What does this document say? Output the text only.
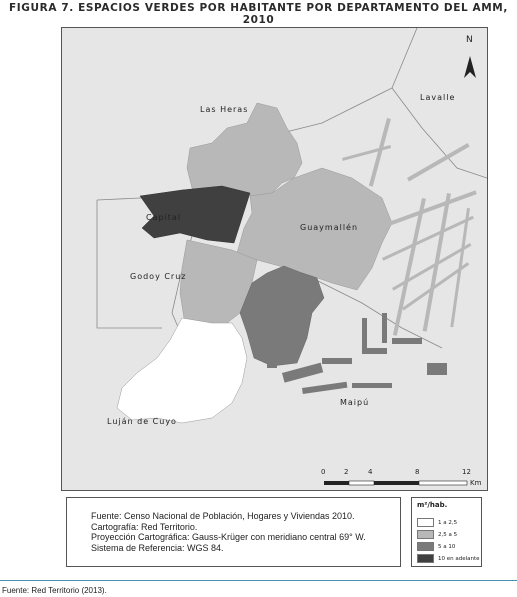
FIGURA 7. ESPACIOS VERDES POR HABITANTE POR DEPARTAMENTO DEL AMM, 2010
N
Las Heras
Lavalle
Capital
Guaymallén
Godoy Cruz
Maipú
Luján de Cuyo
0	2	4	8	12
Km
Fuente: Censo Nacional de Población, Hogares y Viviendas 2010.
Cartografía: Red Territorio.
Proyección Cartográfica: Gauss-Krüger con meridiano central 69° W.
Sistema de Referencia: WGS 84.
m²/hab.
1 a 2,5
2,5 a 5
5 a 10
10 en adelante
Fuente: Red Territorio (2013).
